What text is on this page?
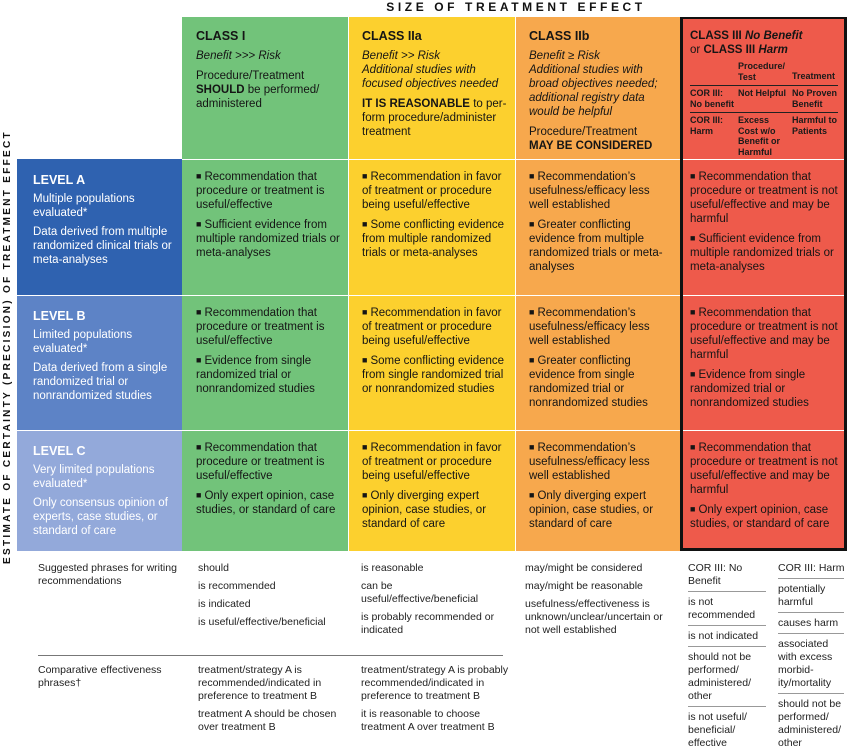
SIZE OF TREATMENT EFFECT
ESTIMATE OF CERTAINTY (PRECISION) OF TREATMENT EFFECT
CLASS I
Benefit >>> Risk
Procedure/Treatment
SHOULD be performed/ administered
CLASS IIa
Benefit >> Risk
Additional studies with focused objectives needed
IT IS REASONABLE to per-form procedure/administer treatment
CLASS IIb
Benefit ≥ Risk
Additional studies with broad objectives needed; additional registry data would be helpful
Procedure/Treatment
MAY BE CONSIDERED
CLASS III No Benefit
or CLASS III Harm
Procedure/ Test	Treatment
COR III: No benefit
Not Helpful No Proven Benefit
COR III: Harm
Excess Cost w/o Benefit or Harmful
Harmful to Patients
LEVEL A

Multiple populations evaluated*

Data derived from multiple randomized clinical trials or meta-analyses

LEVEL B

Limited populations evaluated*

Data derived from a single randomized trial or nonrandomized studies

LEVEL C

Very limited populations evaluated*

Only consensus opinion of experts, case studies, or standard of care

■ Recommendation that procedure or treatment is useful/effective
■ Sufficient evidence from multiple randomized trials or meta-analyses
■ Recommendation in favor of treatment or procedure being useful/effective
■ Some conflicting evidence from multiple randomized trials or meta-analyses
■ Recommendation’s usefulness/efficacy less well established
■ Greater conflicting evidence from multiple randomized trials or meta-analyses
■ Recommendation that procedure or treatment is not useful/effective and may be harmful
■ Sufficient evidence from multiple randomized trials or meta-analyses
■ Recommendation that procedure or treatment is useful/effective
■ Evidence from single randomized trial or nonrandomized studies
■ Recommendation in favor of treatment or procedure being useful/effective
■ Some conflicting evidence from single randomized trial or nonrandomized studies
■ Recommendation’s usefulness/efficacy less well established
■ Greater conflicting evidence from single randomized trial or nonrandomized studies
■ Recommendation that procedure or treatment is not useful/effective and may be harmful
■ Evidence from single randomized trial or nonrandomized studies
■ Recommendation that procedure or treatment is useful/effective
■ Only expert opinion, case studies, or standard of care
■ Recommendation in favor of treatment or procedure being useful/effective
■ Only diverging expert opinion, case studies, or standard of care
■ Recommendation’s usefulness/efficacy less well established
■ Only diverging expert opinion, case studies, or standard of care
■ Recommendation that procedure or treatment is not useful/effective and may be harmful
■ Only expert opinion, case studies, or standard of care
Suggested phrases for writing recommendations

should

is recommended

is indicated

is useful/effective/beneficial

is reasonable

can be useful/effective/beneficial

is probably recommended or indicated

may/might be considered

may/might be reasonable

usefulness/effectiveness is unknown/unclear/uncertain or not well established

COR III: No Benefit

is not recommended

is not indicated

should not be performed/ administered/ other

is not useful/ beneficial/ effective

COR III: Harm

potentially harmful

causes harm

associated with excess morbid-ity/mortality

should not be performed/ administered/ other

Comparative effectiveness phrases†

treatment/strategy A is recommended/indicated in preference to treatment B

treatment A should be chosen over treatment B

treatment/strategy A is probably recommended/indicated in preference to treatment B

it is reasonable to choose treatment A over treatment B
